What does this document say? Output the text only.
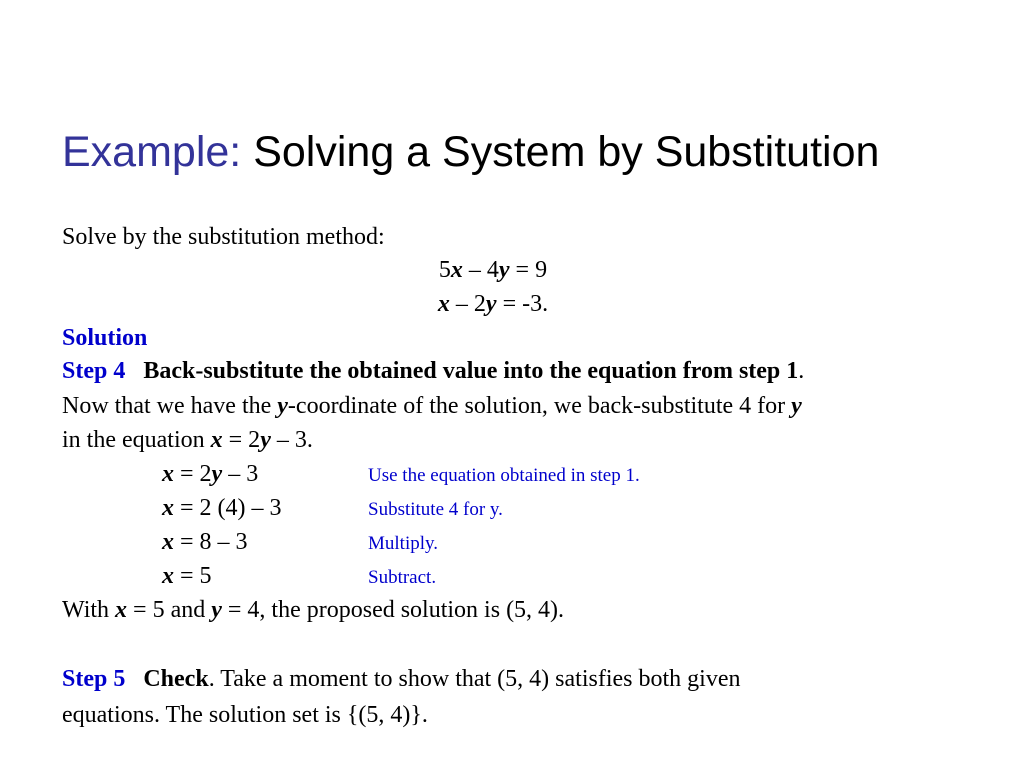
Example: Solving a System by Substitution
Solve by the substitution method:
5x – 4y = 9
x – 2y = -3.
Solution
Step 4 Back-substitute the obtained value into the equation from step 1.
Now that we have the y-coordinate of the solution, we back-substitute 4 for y
in the equation x = 2y – 3.
x = 2y – 3	Use the equation obtained in step 1.
x = 2 (4) – 3	Substitute 4 for y.
x = 8 – 3	Multiply.
x = 5	Subtract.
With x = 5 and y = 4, the proposed solution is (5, 4).
Step 5 Check. Take a moment to show that (5, 4) satisfies both given
equations. The solution set is {(5, 4)}.
